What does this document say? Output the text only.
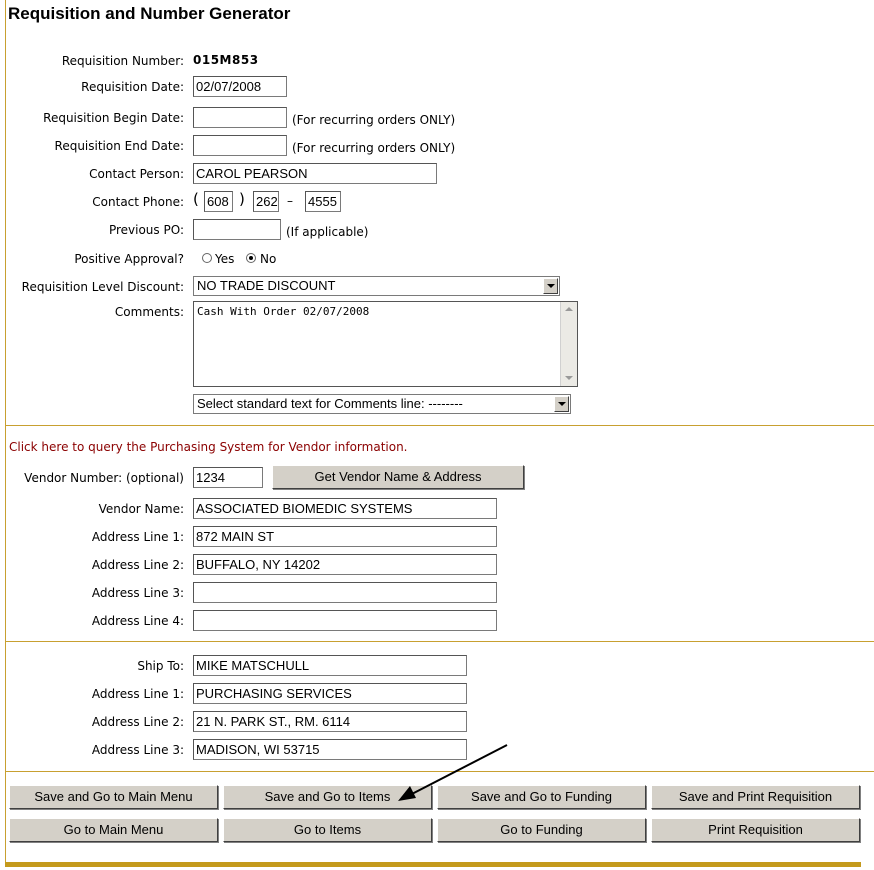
Requisition and Number Generator
Requisition Number: 015M853
Requisition Date: 02/07/2008
Requisition Begin Date:	(For recurring orders ONLY)
Requisition End Date:	(For recurring orders ONLY)
Contact Person: CAROL PEARSON
Contact Phone: ( 608 ) 262 – 4555
Previous PO:	(If applicable)
Positive Approval?	Yes No
Requisition Level Discount:	NO TRADE DISCOUNT
Comments:	Cash With Order 02/07/2008
Select standard text for Comments line: --------
Click here to query the Purchasing System for Vendor information.
Vendor Number: (optional) 1234	Get Vendor Name & Address
Vendor Name: ASSOCIATED BIOMEDIC SYSTEMS
Address Line 1: 872 MAIN ST
Address Line 2: BUFFALO, NY 14202
Address Line 3:
Address Line 4:
Ship To: MIKE MATSCHULL
Address Line 1: PURCHASING SERVICES
Address Line 2: 21 N. PARK ST., RM. 6114
Address Line 3: MADISON, WI 53715
Save and Go to Main Menu	Save and Go to Items	Save and Go to Funding	Save and Print Requisition
Go to Main Menu	Go to Items	Go to Funding	Print Requisition
